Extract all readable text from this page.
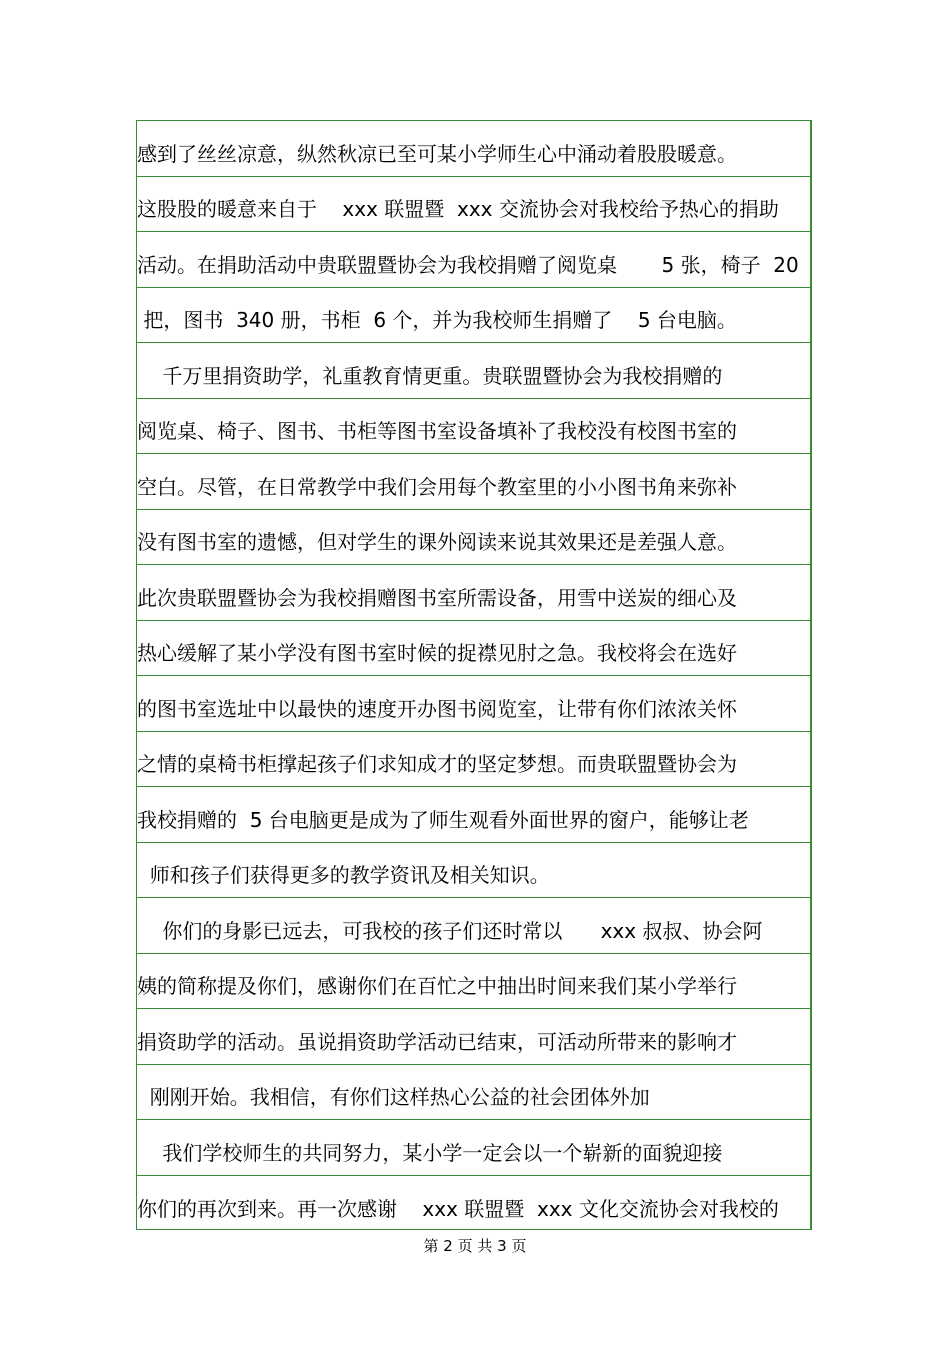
感到了丝丝凉意，纵然秋凉已至可某小学师生心中涌动着股股暖意。
这股股的暖意来自于    xxx 联盟暨  xxx 交流协会对我校给予热心的捐助
活动。在捐助活动中贵联盟暨协会为我校捐赠了阅览桌       5 张，椅子  20
把，图书  340 册，书柜  6 个，并为我校师生捐赠了    5 台电脑。
千万里捐资助学，礼重教育情更重。贵联盟暨协会为我校捐赠的
阅览桌、椅子、图书、书柜等图书室设备填补了我校没有校图书室的
空白。尽管，在日常教学中我们会用每个教室里的小小图书角来弥补
没有图书室的遗憾，但对学生的课外阅读来说其效果还是差强人意。
此次贵联盟暨协会为我校捐赠图书室所需设备，用雪中送炭的细心及
热心缓解了某小学没有图书室时候的捉襟见肘之急。我校将会在选好
的图书室选址中以最快的速度开办图书阅览室，让带有你们浓浓关怀
之情的桌椅书柜撑起孩子们求知成才的坚定梦想。而贵联盟暨协会为
我校捐赠的  5 台电脑更是成为了师生观看外面世界的窗户，能够让老
师和孩子们获得更多的教学资讯及相关知识。
你们的身影已远去，可我校的孩子们还时常以      xxx 叔叔、协会阿
姨的简称提及你们，感谢你们在百忙之中抽出时间来我们某小学举行
捐资助学的活动。虽说捐资助学活动已结束，可活动所带来的影响才
刚刚开始。我相信，有你们这样热心公益的社会团体外加
我们学校师生的共同努力，某小学一定会以一个崭新的面貌迎接
你们的再次到来。再一次感谢    xxx 联盟暨  xxx 文化交流协会对我校的
第 2 页 共 3 页
